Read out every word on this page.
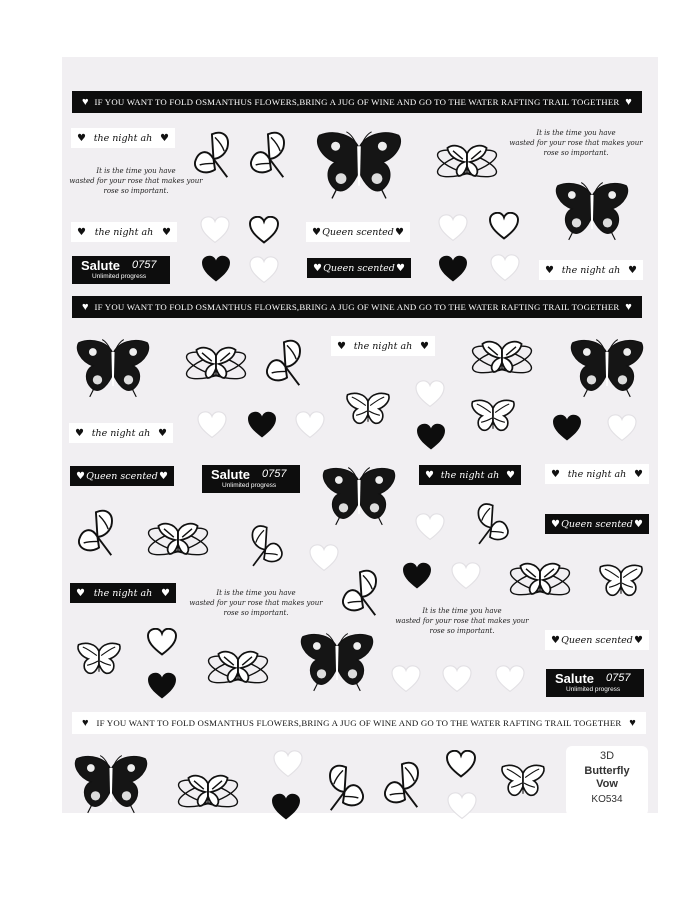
♥ IF YOU WANT TO FOLD OSMANTHUS FLOWERS,BRING A JUG OF WINE AND GO TO THE WATER RAFTING TRAIL TOGETHER ♥
♥ IF YOU WANT TO FOLD OSMANTHUS FLOWERS,BRING A JUG OF WINE AND GO TO THE WATER RAFTING TRAIL TOGETHER ♥
♥ IF YOU WANT TO FOLD OSMANTHUS FLOWERS,BRING A JUG OF WINE AND GO TO THE WATER RAFTING TRAIL TOGETHER ♥
♥ the night ah ♥
♥ the night ah ♥
♥ the night ah ♥
♥ the night ah ♥
♥ the night ah ♥
♥ the night ah ♥
♥ the night ah ♥
♥ the night ah ♥
♥ Queen scented ♥
♥ Queen scented ♥
♥ Queen scented ♥
♥ Queen scented ♥
♥ Queen scented ♥
Salute 0757
Unlimited progress
Salute 0757
Unlimited progress
Salute 0757
Unlimited progress
It is the time you have
wasted for your rose that makes your
rose so important.
It is the time you have
wasted for your rose that makes your
rose so important.
It is the time you have
wasted for your rose that makes your
rose so important.	It is the time you have
wasted for your rose that makes your
rose so important.
3D
Butterfly
Vow
KO534
